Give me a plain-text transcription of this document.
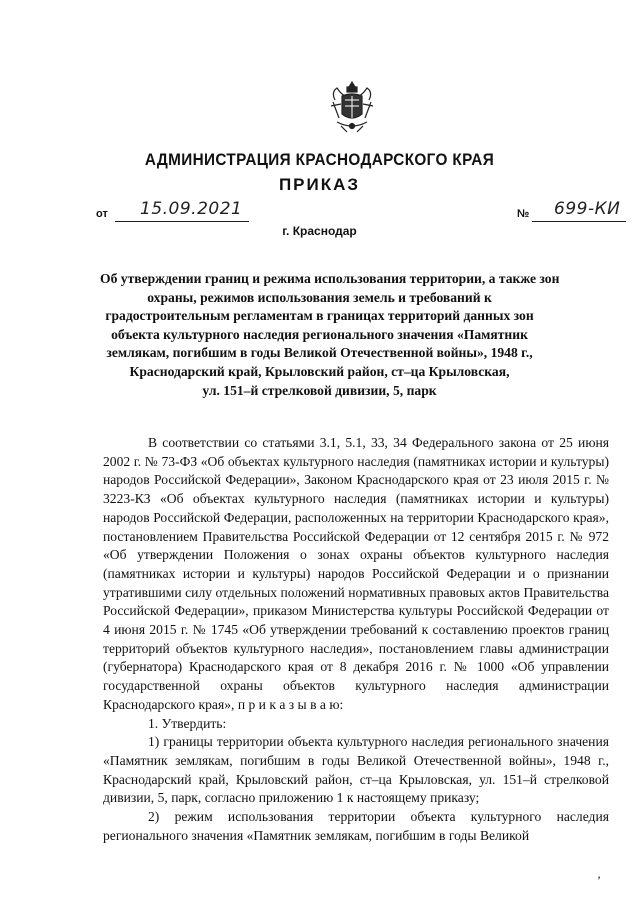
АДМИНИСТРАЦИЯ КРАСНОДАРСКОГО КРАЯ
ПРИКАЗ
от 15.09.2021	№ 699-КИ
г. Краснодар
Об утверждении границ и режима использования территории, а также зон
охраны, режимов использования земель и требований к
градостроительным регламентам в границах территорий данных зон
объекта культурного наследия регионального значения «Памятник
землякам, погибшим в годы Великой Отечественной войны», 1948 г.,
Краснодарский край, Крыловский район, ст–ца Крыловская,
ул. 151–й стрелковой дивизии, 5, парк

В соответствии со статьями 3.1, 5.1, 33, 34 Федерального закона от 25 июня 2002 г. № 73-ФЗ «Об объектах культурного наследия (памятниках истории и культуры) народов Российской Федерации», Законом Краснодарского края от 23 июля 2015 г. № 3223-КЗ «Об объектах культурного наследия (памятниках истории и культуры) народов Российской Федерации, расположенных на территории Краснодарского края», постановлением Правительства Российской Федерации от 12 сентября 2015 г. № 972 «Об утверждении Положения о зонах охраны объектов культурного наследия (памятниках истории и культуры) народов Российской Федерации и о признании утратившими силу отдельных положений нормативных правовых актов Правительства Российской Федерации», приказом Министерства культуры Российской Федерации от 4 июня 2015 г. № 1745 «Об утверждении требований к составлению проектов границ территорий объектов культурного наследия», постановлением главы администрации (губернатора) Краснодарского края от 8 декабря 2016 г. № 1000 «Об управлении государственной охраны объектов культурного наследия администрации Краснодарского края», п р и к а з ы в а ю:

1. Утвердить:

1) границы территории объекта культурного наследия регионального значения «Памятник землякам, погибшим в годы Великой Отечественной войны», 1948 г., Краснодарский край, Крыловский район, ст–ца Крыловская, ул. 151–й стрелковой дивизии, 5, парк, согласно приложению 1 к настоящему приказу;

2) режим использования территории объекта культурного наследия регионального значения «Памятник землякам, погибшим в годы Великой

’
